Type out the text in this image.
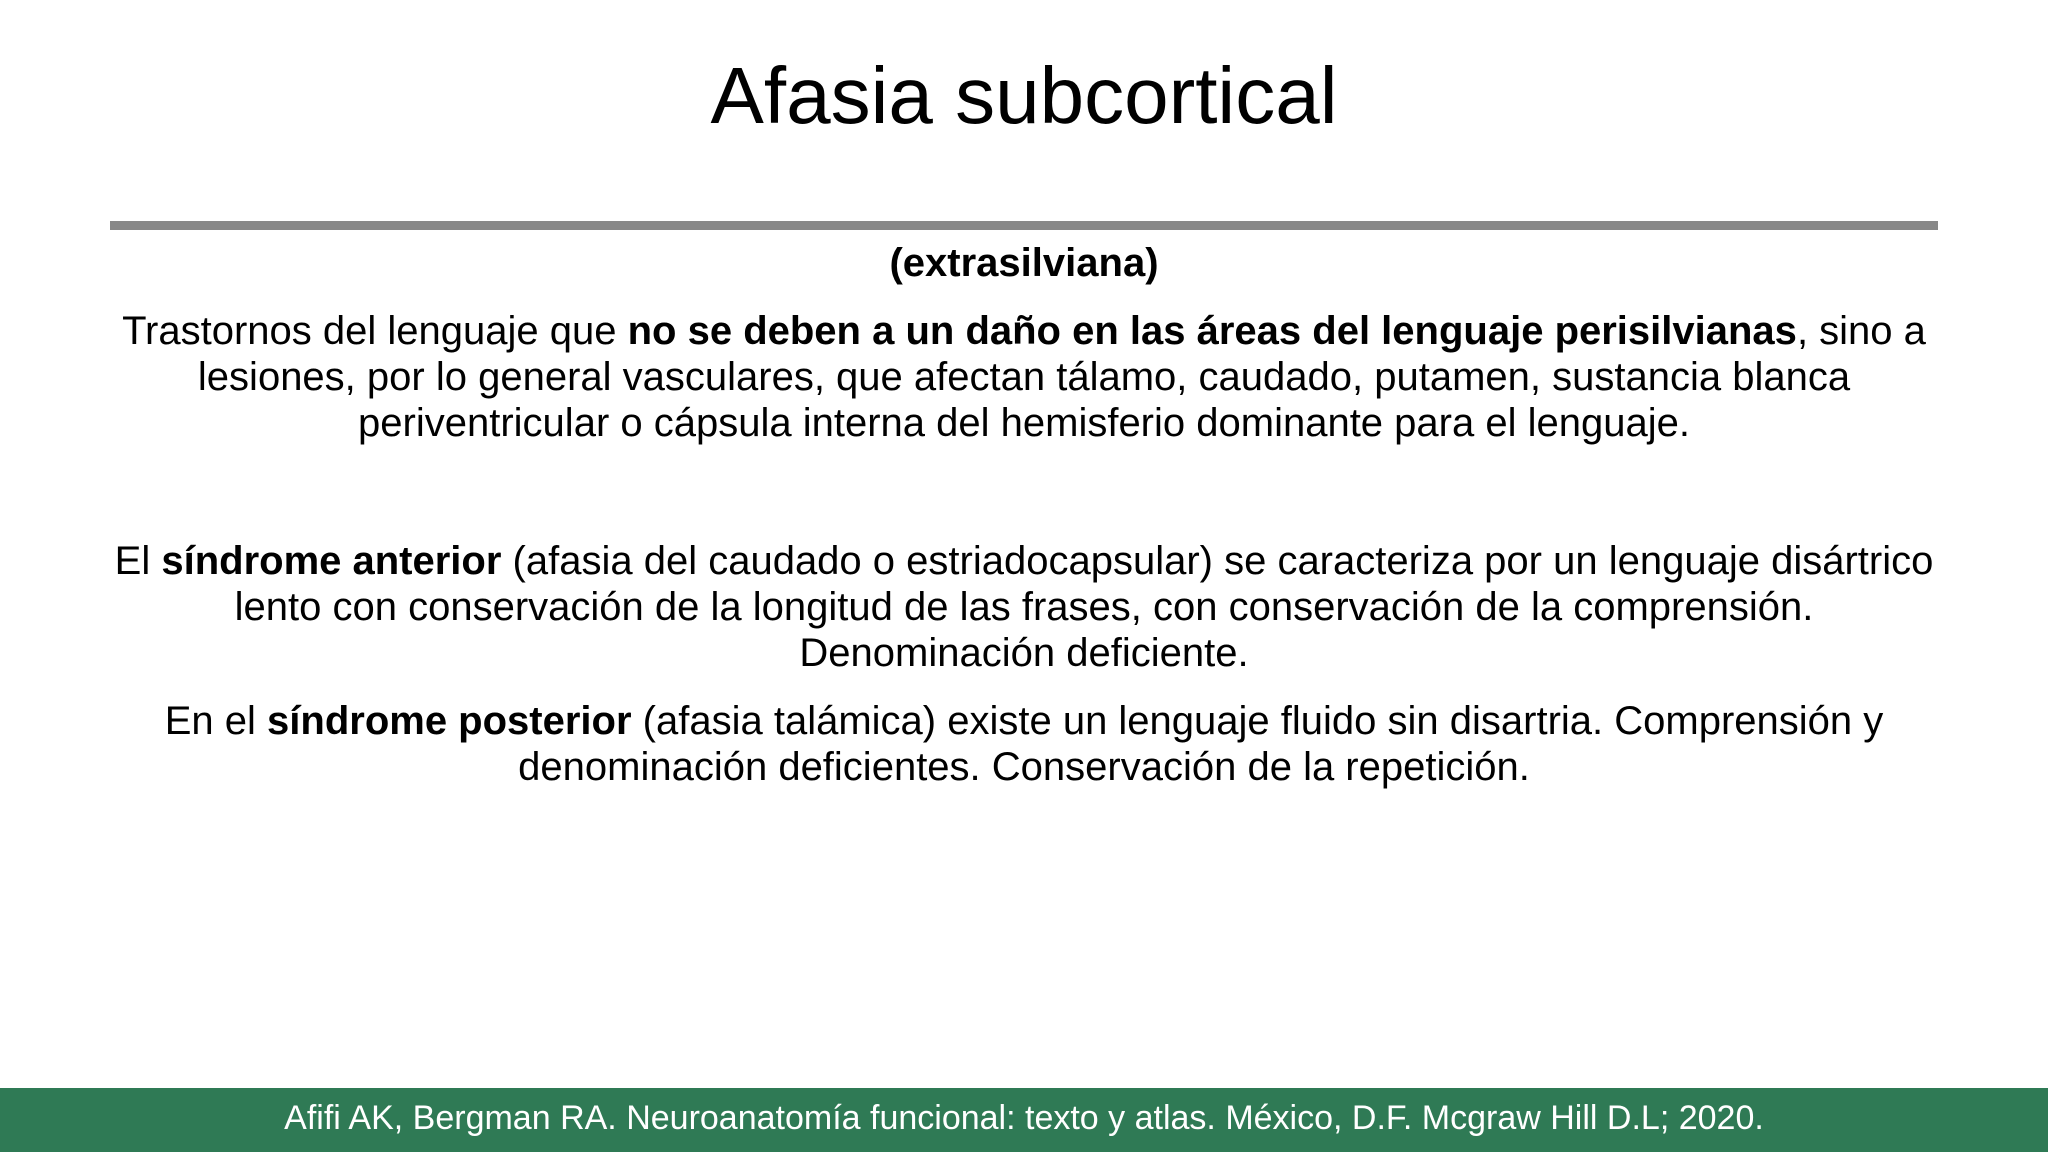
Afasia subcortical

(extrasilviana)

Trastornos del lenguaje que no se deben a un daño en las áreas del lenguaje perisilvianas, sino a lesiones, por lo general vasculares, que afectan tálamo, caudado, putamen, sustancia blanca periventricular o cápsula interna del hemisferio dominante para el lenguaje.

El síndrome anterior (afasia del caudado o estriadocapsular) se caracteriza por un lenguaje disártrico lento con conservación de la longitud de las frases, con conservación de la comprensión. Denominación deficiente.

En el síndrome posterior (afasia talámica) existe un lenguaje fluido sin disartria. Comprensión y denominación deficientes. Conservación de la repetición.

Afifi AK, Bergman RA. Neuroanatomía funcional: texto y atlas. México, D.F. Mcgraw Hill D.L; 2020.
